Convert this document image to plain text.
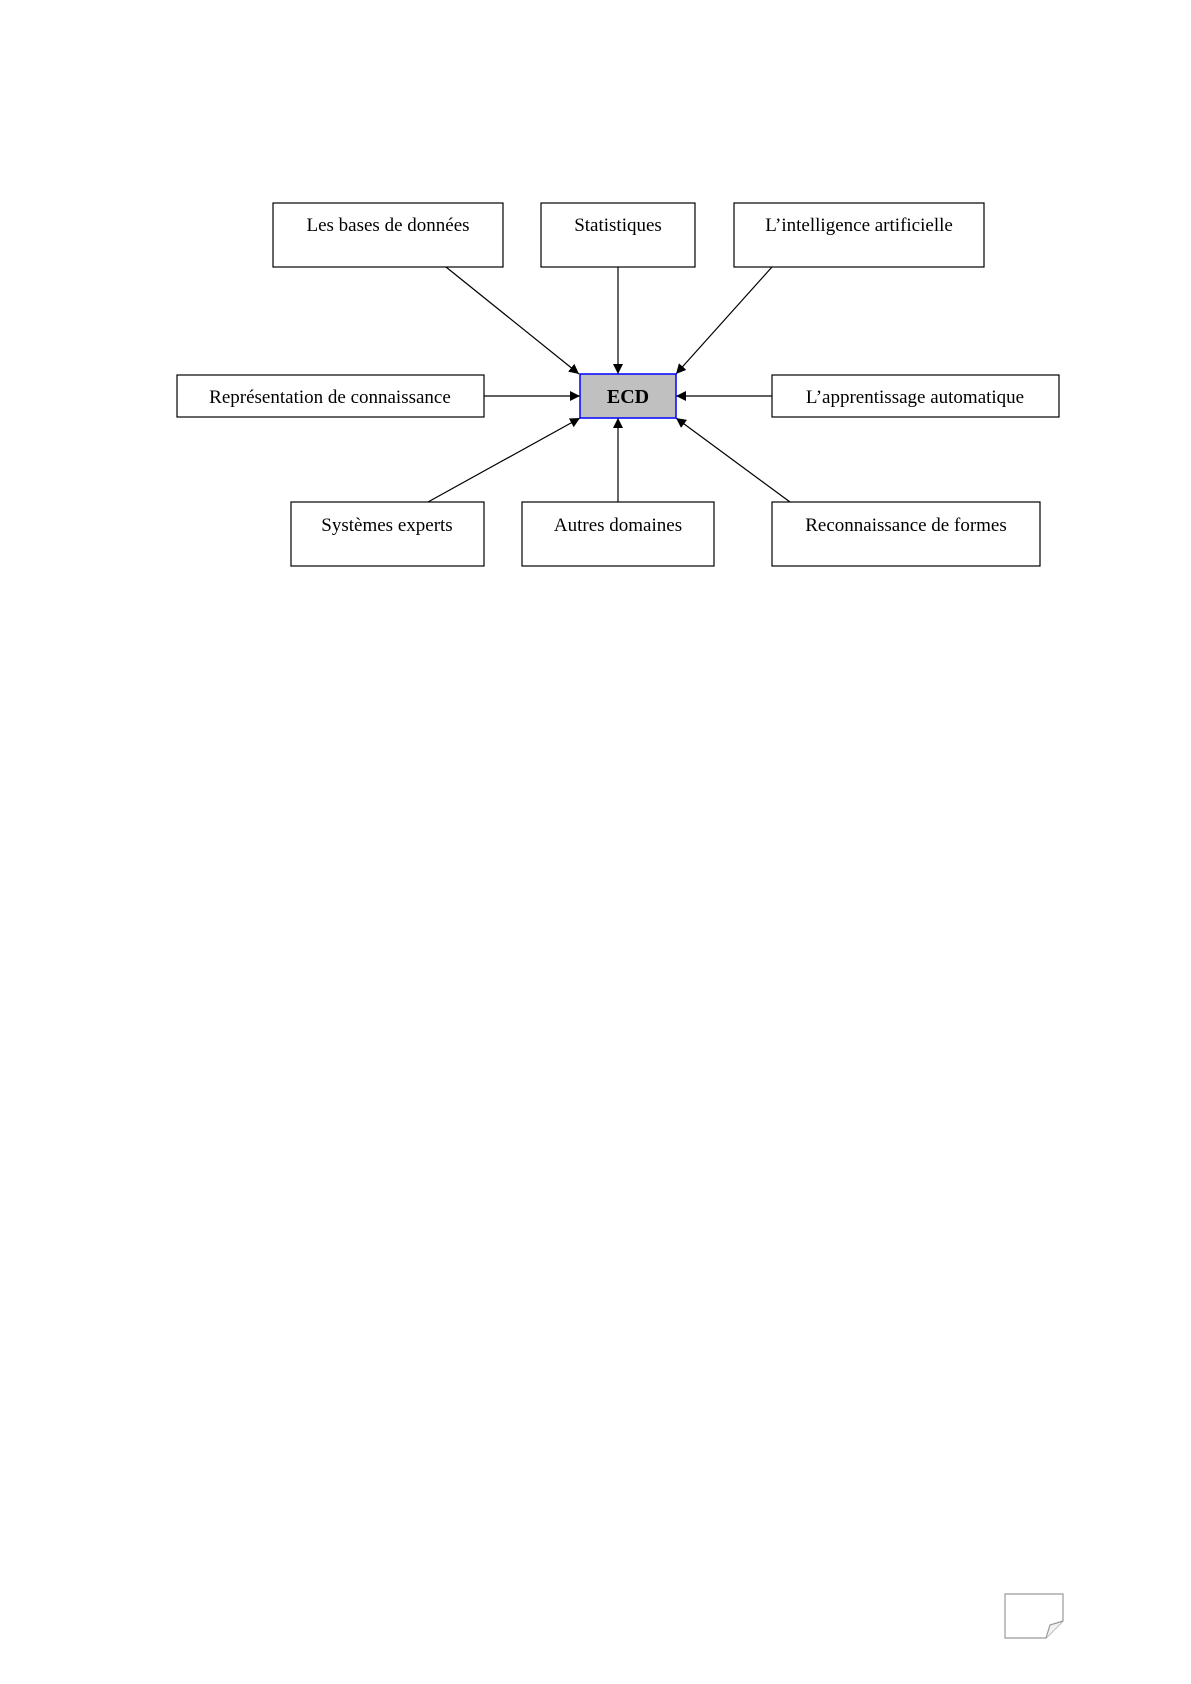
Les bases de données	Statistiques	L’intelligence artificielle
Représentation de connaissance	ECD	L’apprentissage automatique
Systèmes experts	Autres domaines	Reconnaissance de formes
